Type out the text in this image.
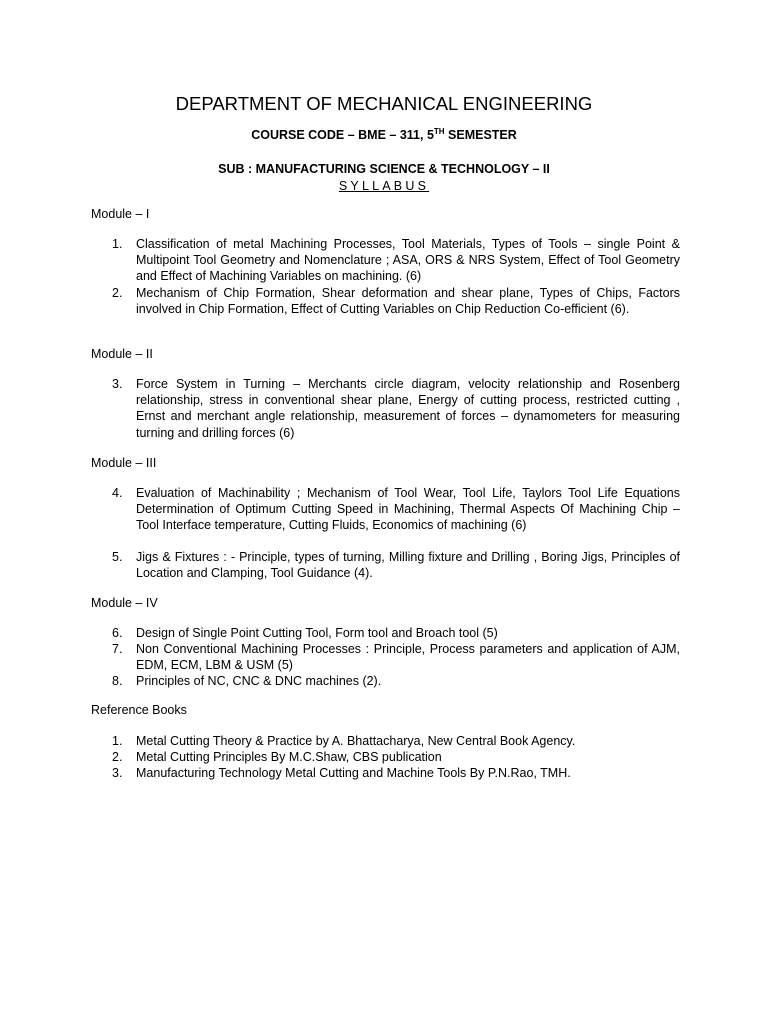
DEPARTMENT OF MECHANICAL ENGINEERING
COURSE CODE – BME – 311, 5TH SEMESTER
SUB : MANUFACTURING SCIENCE & TECHNOLOGY – II
SYLLABUS
Module – I
1.	Classification of metal Machining Processes, Tool Materials, Types of Tools – single Point & Multipoint Tool Geometry and Nomenclature ; ASA, ORS & NRS System, Effect of Tool Geometry and Effect of Machining Variables on machining. (6)
2.	Mechanism of Chip Formation, Shear deformation and shear plane, Types of Chips, Factors involved in Chip Formation, Effect of Cutting Variables on Chip Reduction Co-efficient (6).
Module – II
3.	Force System in Turning – Merchants circle diagram, velocity relationship and Rosenberg relationship, stress in conventional shear plane, Energy of cutting process, restricted cutting , Ernst and merchant angle relationship, measurement of forces – dynamometers for measuring turning and drilling forces (6)
Module – III
4.	Evaluation of Machinability ; Mechanism of Tool Wear, Tool Life, Taylors Tool Life Equations Determination of Optimum Cutting Speed in Machining, Thermal Aspects Of Machining Chip – Tool Interface temperature, Cutting Fluids, Economics of machining (6)
5.	Jigs & Fixtures : - Principle, types of turning, Milling fixture and Drilling , Boring Jigs, Principles of Location and Clamping, Tool Guidance (4).
Module – IV
6.	Design of Single Point Cutting Tool, Form tool and Broach tool (5)
7.	Non Conventional Machining Processes : Principle, Process parameters and application of AJM, EDM, ECM, LBM & USM (5)
8.	Principles of NC, CNC & DNC machines (2).
Reference Books
1.	Metal Cutting Theory & Practice by A. Bhattacharya, New Central Book Agency.
2.	Metal Cutting Principles By M.C.Shaw, CBS publication
3.	Manufacturing Technology Metal Cutting and Machine Tools By P.N.Rao, TMH.
